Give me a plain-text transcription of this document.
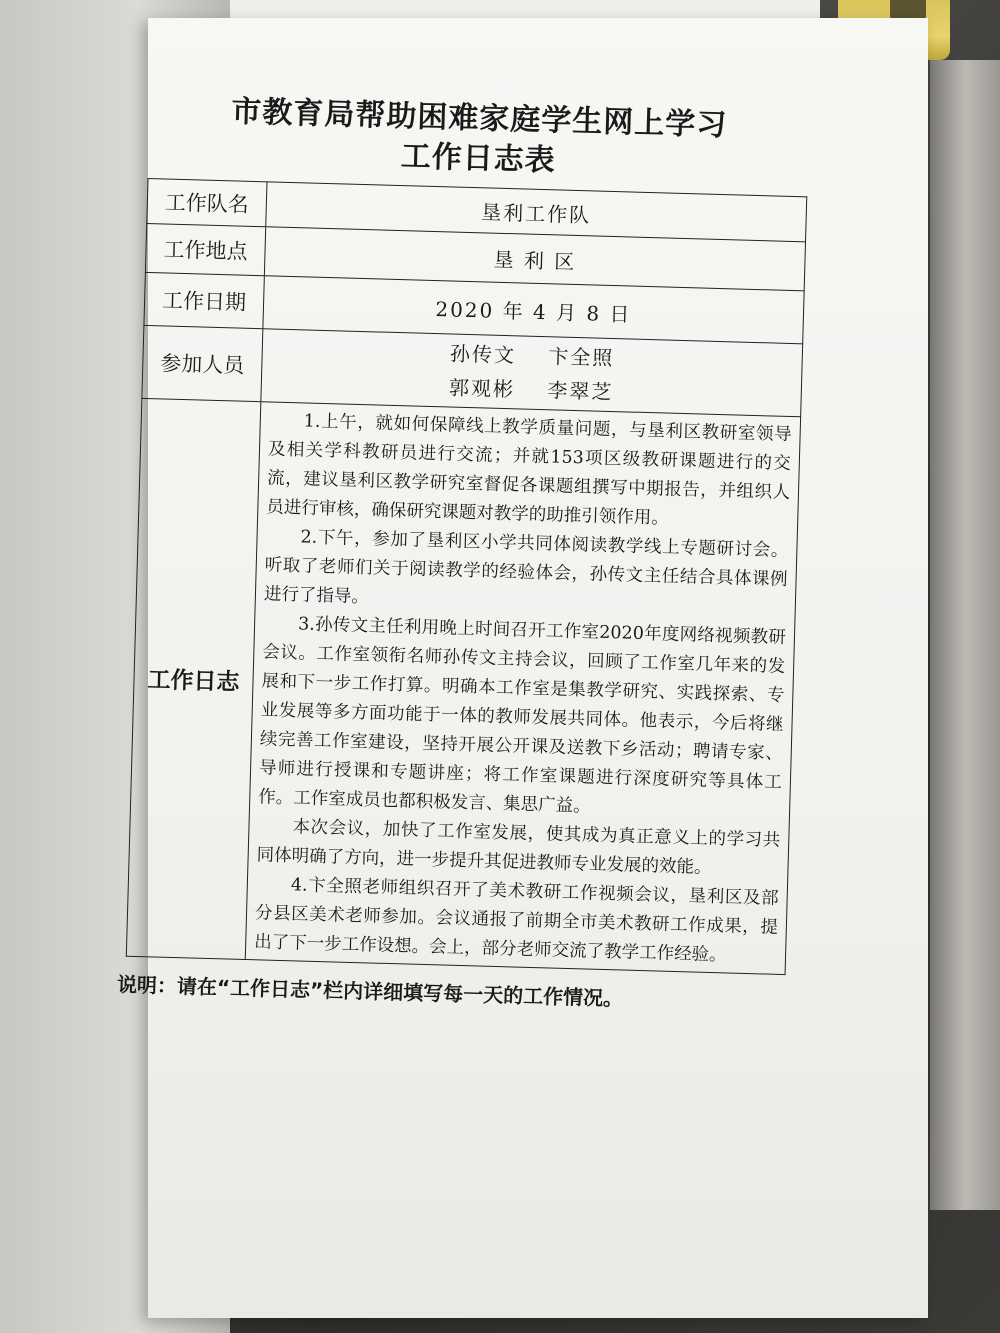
市教育局帮助困难家庭学生网上学习
工作日志表
工作队名	垦利工作队
工作地点	垦 利 区
工作日期	2020 年 4 月 8 日
参加人员	孙传文 卞全照
郭观彬 李翠芝

工作日志	1.上午，就如何保障线上教学质量问题，与垦利区教研室领导及相关学科教研员进行交流；并就153项区级教研课题进行的交流，建议垦利区教学研究室督促各课题组撰写中期报告，并组织人员进行审核，确保研究课题对教学的助推引领作用。

2.下午，参加了垦利区小学共同体阅读教学线上专题研讨会。听取了老师们关于阅读教学的经验体会，孙传文主任结合具体课例进行了指导。

3.孙传文主任利用晚上时间召开工作室2020年度网络视频教研会议。工作室领衔名师孙传文主持会议，回顾了工作室几年来的发展和下一步工作打算。明确本工作室是集教学研究、实践探索、专业发展等多方面功能于一体的教师发展共同体。他表示，今后将继续完善工作室建设，坚持开展公开课及送教下乡活动；聘请专家、导师进行授课和专题讲座；将工作室课题进行深度研究等具体工作。工作室成员也都积极发言、集思广益。

本次会议，加快了工作室发展，使其成为真正意义上的学习共同体明确了方向，进一步提升其促进教师专业发展的效能。

4.卞全照老师组织召开了美术教研工作视频会议，垦利区及部分县区美术老师参加。会议通报了前期全市美术教研工作成果，提出了下一步工作设想。会上，部分老师交流了教学工作经验。

说明：请在“工作日志”栏内详细填写每一天的工作情况。
